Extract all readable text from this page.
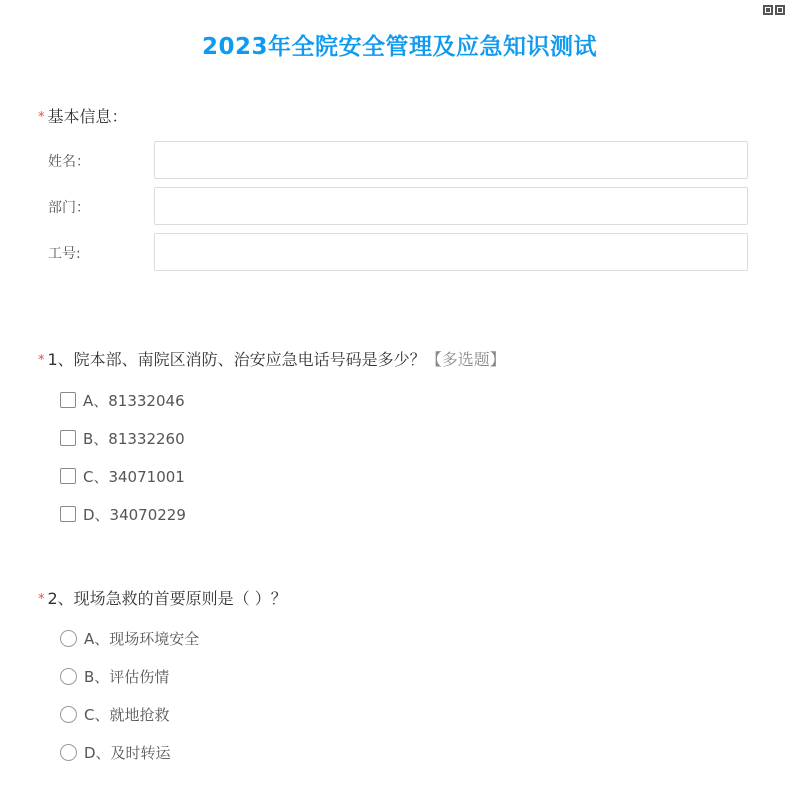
2023年全院安全管理及应急知识测试
* 基本信息：
姓名：
部门：
工号:
* 1、院本部、南院区消防、治安应急电话号码是多少？【多选题】
A、81332046
B、81332260
C、34071001
D、34070229
* 2、现场急救的首要原则是（ ）？
A、现场环境安全
B、评估伤情
C、就地抢救
D、及时转运
